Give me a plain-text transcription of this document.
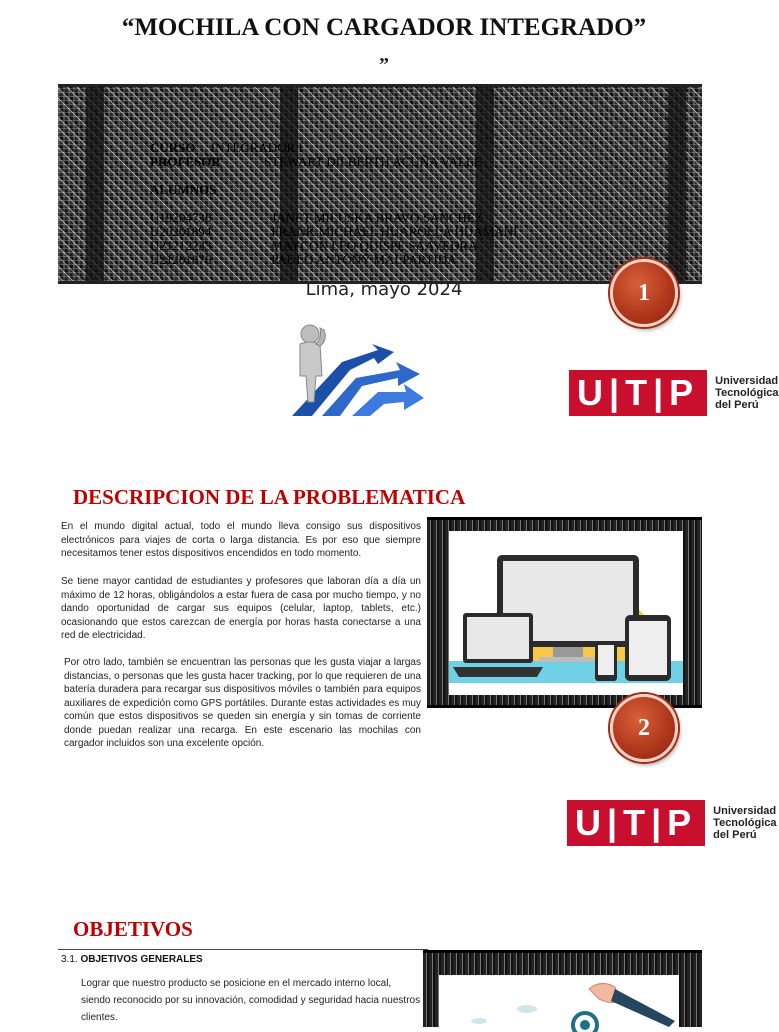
“MOCHILA CON CARGADOR INTEGRADO”
”
CURSO INTEGRADOR I
PROFESOR	STEWART DILBERTH ACUÑA VALLE
ALUMNOS
U19204738	JANET MILUSKA BRAVO SANCHEZ
U20201894	FRANK MICHAEL HUAROLLA HUAMANÍ
U21212233	MAYCON LEO QUISPE SAAVEDRA
U21201876	PAULO ANTONY MALPARTIDA
Lima, mayo 2024	1
U|T|P	Universidad
Tecnológica
del Perú
DESCRIPCION DE LA PROBLEMATICA
En el mundo digital actual, todo el mundo lleva consigo sus dispositivos electrónicos para viajes de corta o larga distancia. Es por eso que siempre necesitamos tener estos dispositivos encendidos en todo momento.
Se tiene mayor cantidad de estudiantes y profesores que laboran día a día un máximo de 12 horas, obligándolos a estar fuera de casa por mucho tiempo, y no dando oportunidad de cargar sus equipos (celular, laptop, tablets, etc.) ocasionando que estos carezcan de energía por horas hasta conectarse a una red de electricidad.
Por otro lado, también se encuentran las personas que les gusta viajar a largas distancias, o personas que les gusta hacer tracking, por lo que requieren de una batería duradera para recargar sus dispositivos móviles o también para equipos auxiliares de expedición como GPS portátiles. Durante estas actividades es muy común que estos dispositivos se queden sin energía y sin tomas de corriente donde puedan realizar una recarga. En este escenario las mochilas con cargador incluidos son una excelente opción.
2
U|T|P	Universidad
Tecnológica
del Perú
OBJETIVOS
3.1. OBJETIVOS GENERALES
Lograr que nuestro producto se posicione en el mercado interno local, siendo reconocido por su innovación, comodidad y seguridad hacia nuestros clientes.
